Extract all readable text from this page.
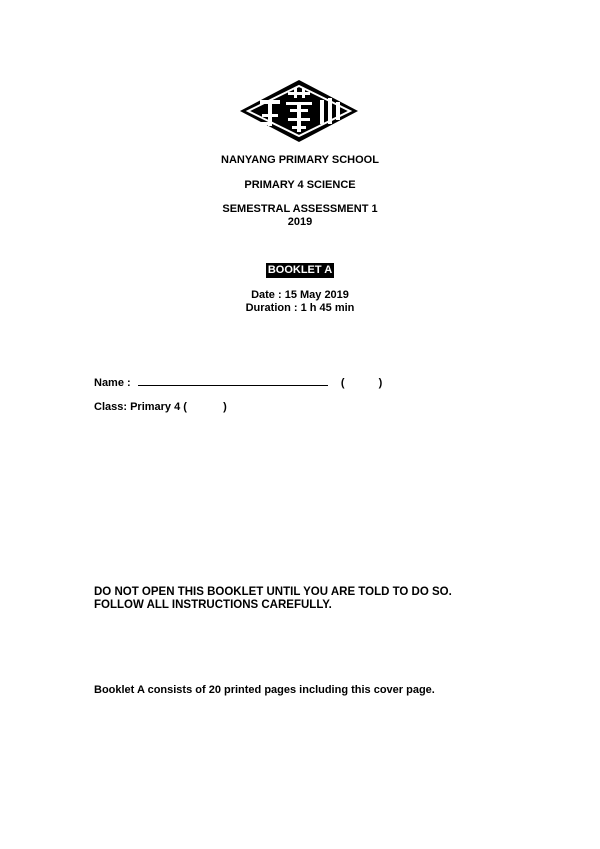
NANYANG PRIMARY SCHOOL
PRIMARY 4 SCIENCE
SEMESTRAL ASSESSMENT 1
2019
BOOKLET A
Date : 15 May 2019
Duration : 1 h 45 min
Name :	(	)
Class: Primary 4 (	)
DO NOT OPEN THIS BOOKLET UNTIL YOU ARE TOLD TO DO SO.
FOLLOW ALL INSTRUCTIONS CAREFULLY.
Booklet A consists of 20 printed pages including this cover page.
